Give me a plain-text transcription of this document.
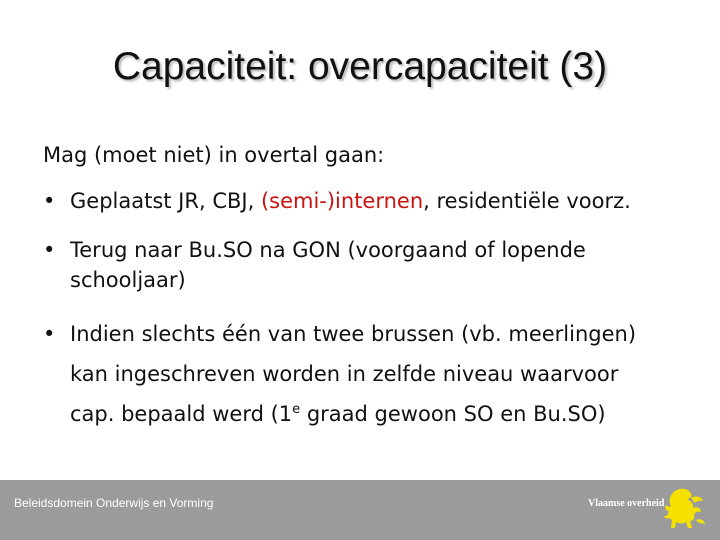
Capaciteit: overcapaciteit (3)
Mag (moet niet) in overtal gaan:
• Geplaatst JR, CBJ, (semi-)internen, residentiële voorz.
• Terug naar Bu.SO na GON (voorgaand of lopende
schooljaar)
• Indien slechts één van twee brussen (vb. meerlingen)
kan ingeschreven worden in zelfde niveau waarvoor
cap. bepaald werd (1e graad gewoon SO en Bu.SO)
Beleidsdomein Onderwijs en Vorming	Vlaamse overheid
